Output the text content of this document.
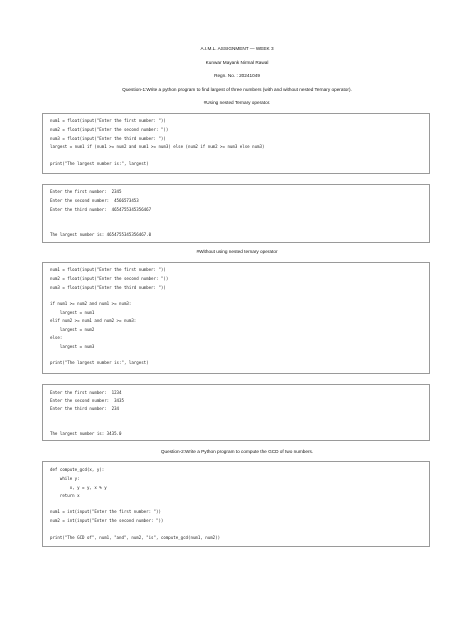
A.I.M.L. ASSIGNMENT — WEEK 3
Kunwar Mayank Nirmal Rawal
Regn. No. : 20241049
Question-1:Write a python program to find largest of three numbers (with and without nested Ternary operator).
#Using nested Ternary operator.
num1 = float(input("Enter the first number: "))
num2 = float(input("Enter the second number: "))
num3 = float(input("Enter the third number: "))
largest = num1 if (num1 >= num2 and num1 >= num3) else (num2 if num2 >= num3 else num3)
print("The largest number is:", largest)
Enter the first number:  2345
Enter the second number:  4566573453
Enter the third number:  4654755345356467
The largest number is: 4654755345356467.0
#Without using nested ternary operator
num1 = float(input("Enter the first number: "))
num2 = float(input("Enter the second number: "))
num3 = float(input("Enter the third number: "))
if num1 >= num2 and num1 >= num3:
largest = num1
elif num2 >= num1 and num2 >= num3:
largest = num2
else:
largest = num3
print("The largest number is:", largest)
Enter the first number:  1234
Enter the second number:  3435
Enter the third number:  234
The largest number is: 3435.0
Question-2:Write a Python program to compute the GCD of two numbers.
def compute_gcd(x, y):
while y:
x, y = y, x % y
return x
num1 = int(input("Enter the first number: "))
num2 = int(input("Enter the second number: "))
print("The GCD of", num1, "and", num2, "is", compute_gcd(num1, num2))
